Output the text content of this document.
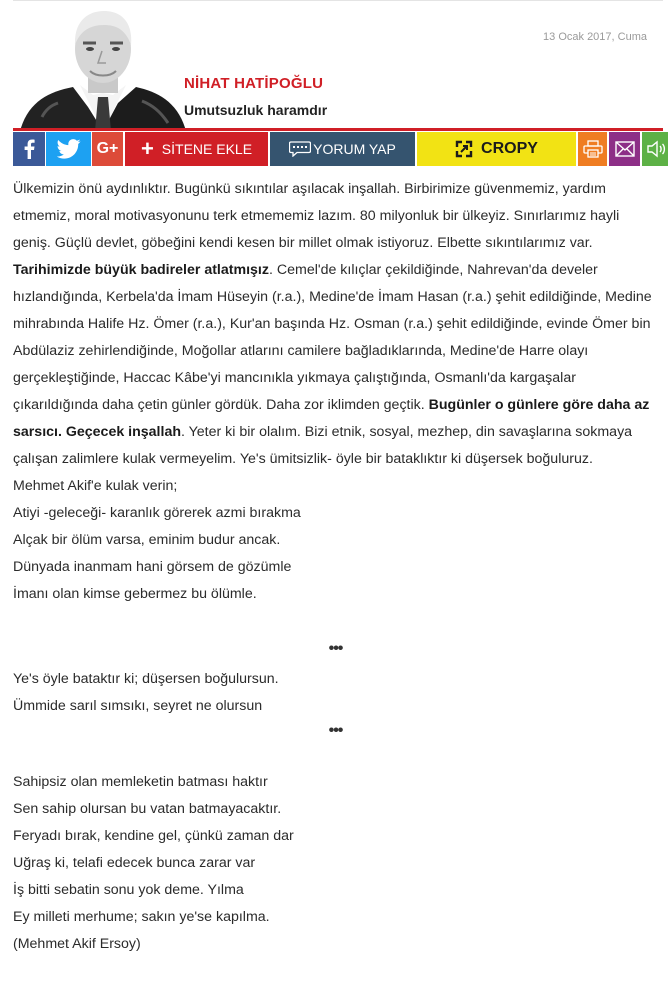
13 Ocak 2017, Cuma
NİHAT HATİPOĞLU
Umutsuzluk haramdır
G+ + SİTENE EKLE	YORUM YAP	CROPY

Ülkemizin önü aydınlıktır. Bugünkü sıkıntılar aşılacak inşallah. Birbirimize güvenmemiz, yardım etmemiz, moral motivasyonunu terk etmememiz lazım. 80 milyonluk bir ülkeyiz. Sınırlarımız hayli geniş. Güçlü devlet, göbeğini kendi kesen bir millet olmak istiyoruz. Elbette sıkıntılarımız var.

Tarihimizde büyük badireler atlatmışız. Cemel'de kılıçlar çekildiğinde, Nahrevan'da develer hızlandığında, Kerbela'da İmam Hüseyin (r.a.), Medine'de İmam Hasan (r.a.) şehit edildiğinde, Medine mihrabında Halife Hz. Ömer (r.a.), Kur'an başında Hz. Osman (r.a.) şehit edildiğinde, evinde Ömer bin Abdülaziz zehirlendiğinde, Moğollar atlarını camilere bağladıklarında, Medine'de Harre olayı gerçekleştiğinde, Haccac Kâbe'yi mancınıkla yıkmaya çalıştığında, Osmanlı'da kargaşalar çıkarıldığında daha çetin günler gördük. Daha zor iklimden geçtik. Bugünler o günlere göre daha az sarsıcı. Geçecek inşallah. Yeter ki bir olalım. Bizi etnik, sosyal, mezhep, din savaşlarına sokmaya çalışan zalimlere kulak vermeyelim. Ye's ümitsizlik- öyle bir bataklıktır ki düşersek boğuluruz.

Mehmet Akif'e kulak verin;

Atiyi -geleceği- karanlık görerek azmi bırakma

Alçak bir ölüm varsa, eminim budur ancak.

Dünyada inanmam hani görsem de gözümle

İmanı olan kimse gebermez bu ölümle.

•••

Ye's öyle bataktır ki; düşersen boğulursun.

Ümmide sarıl sımsıkı, seyret ne olursun

•••

Sahipsiz olan memleketin batması haktır

Sen sahip olursan bu vatan batmayacaktır.

Feryadı bırak, kendine gel, çünkü zaman dar

Uğraş ki, telafi edecek bunca zarar var

İş bitti sebatin sonu yok deme. Yılma

Ey milleti merhume; sakın ye'se kapılma.

(Mehmet Akif Ersoy)
